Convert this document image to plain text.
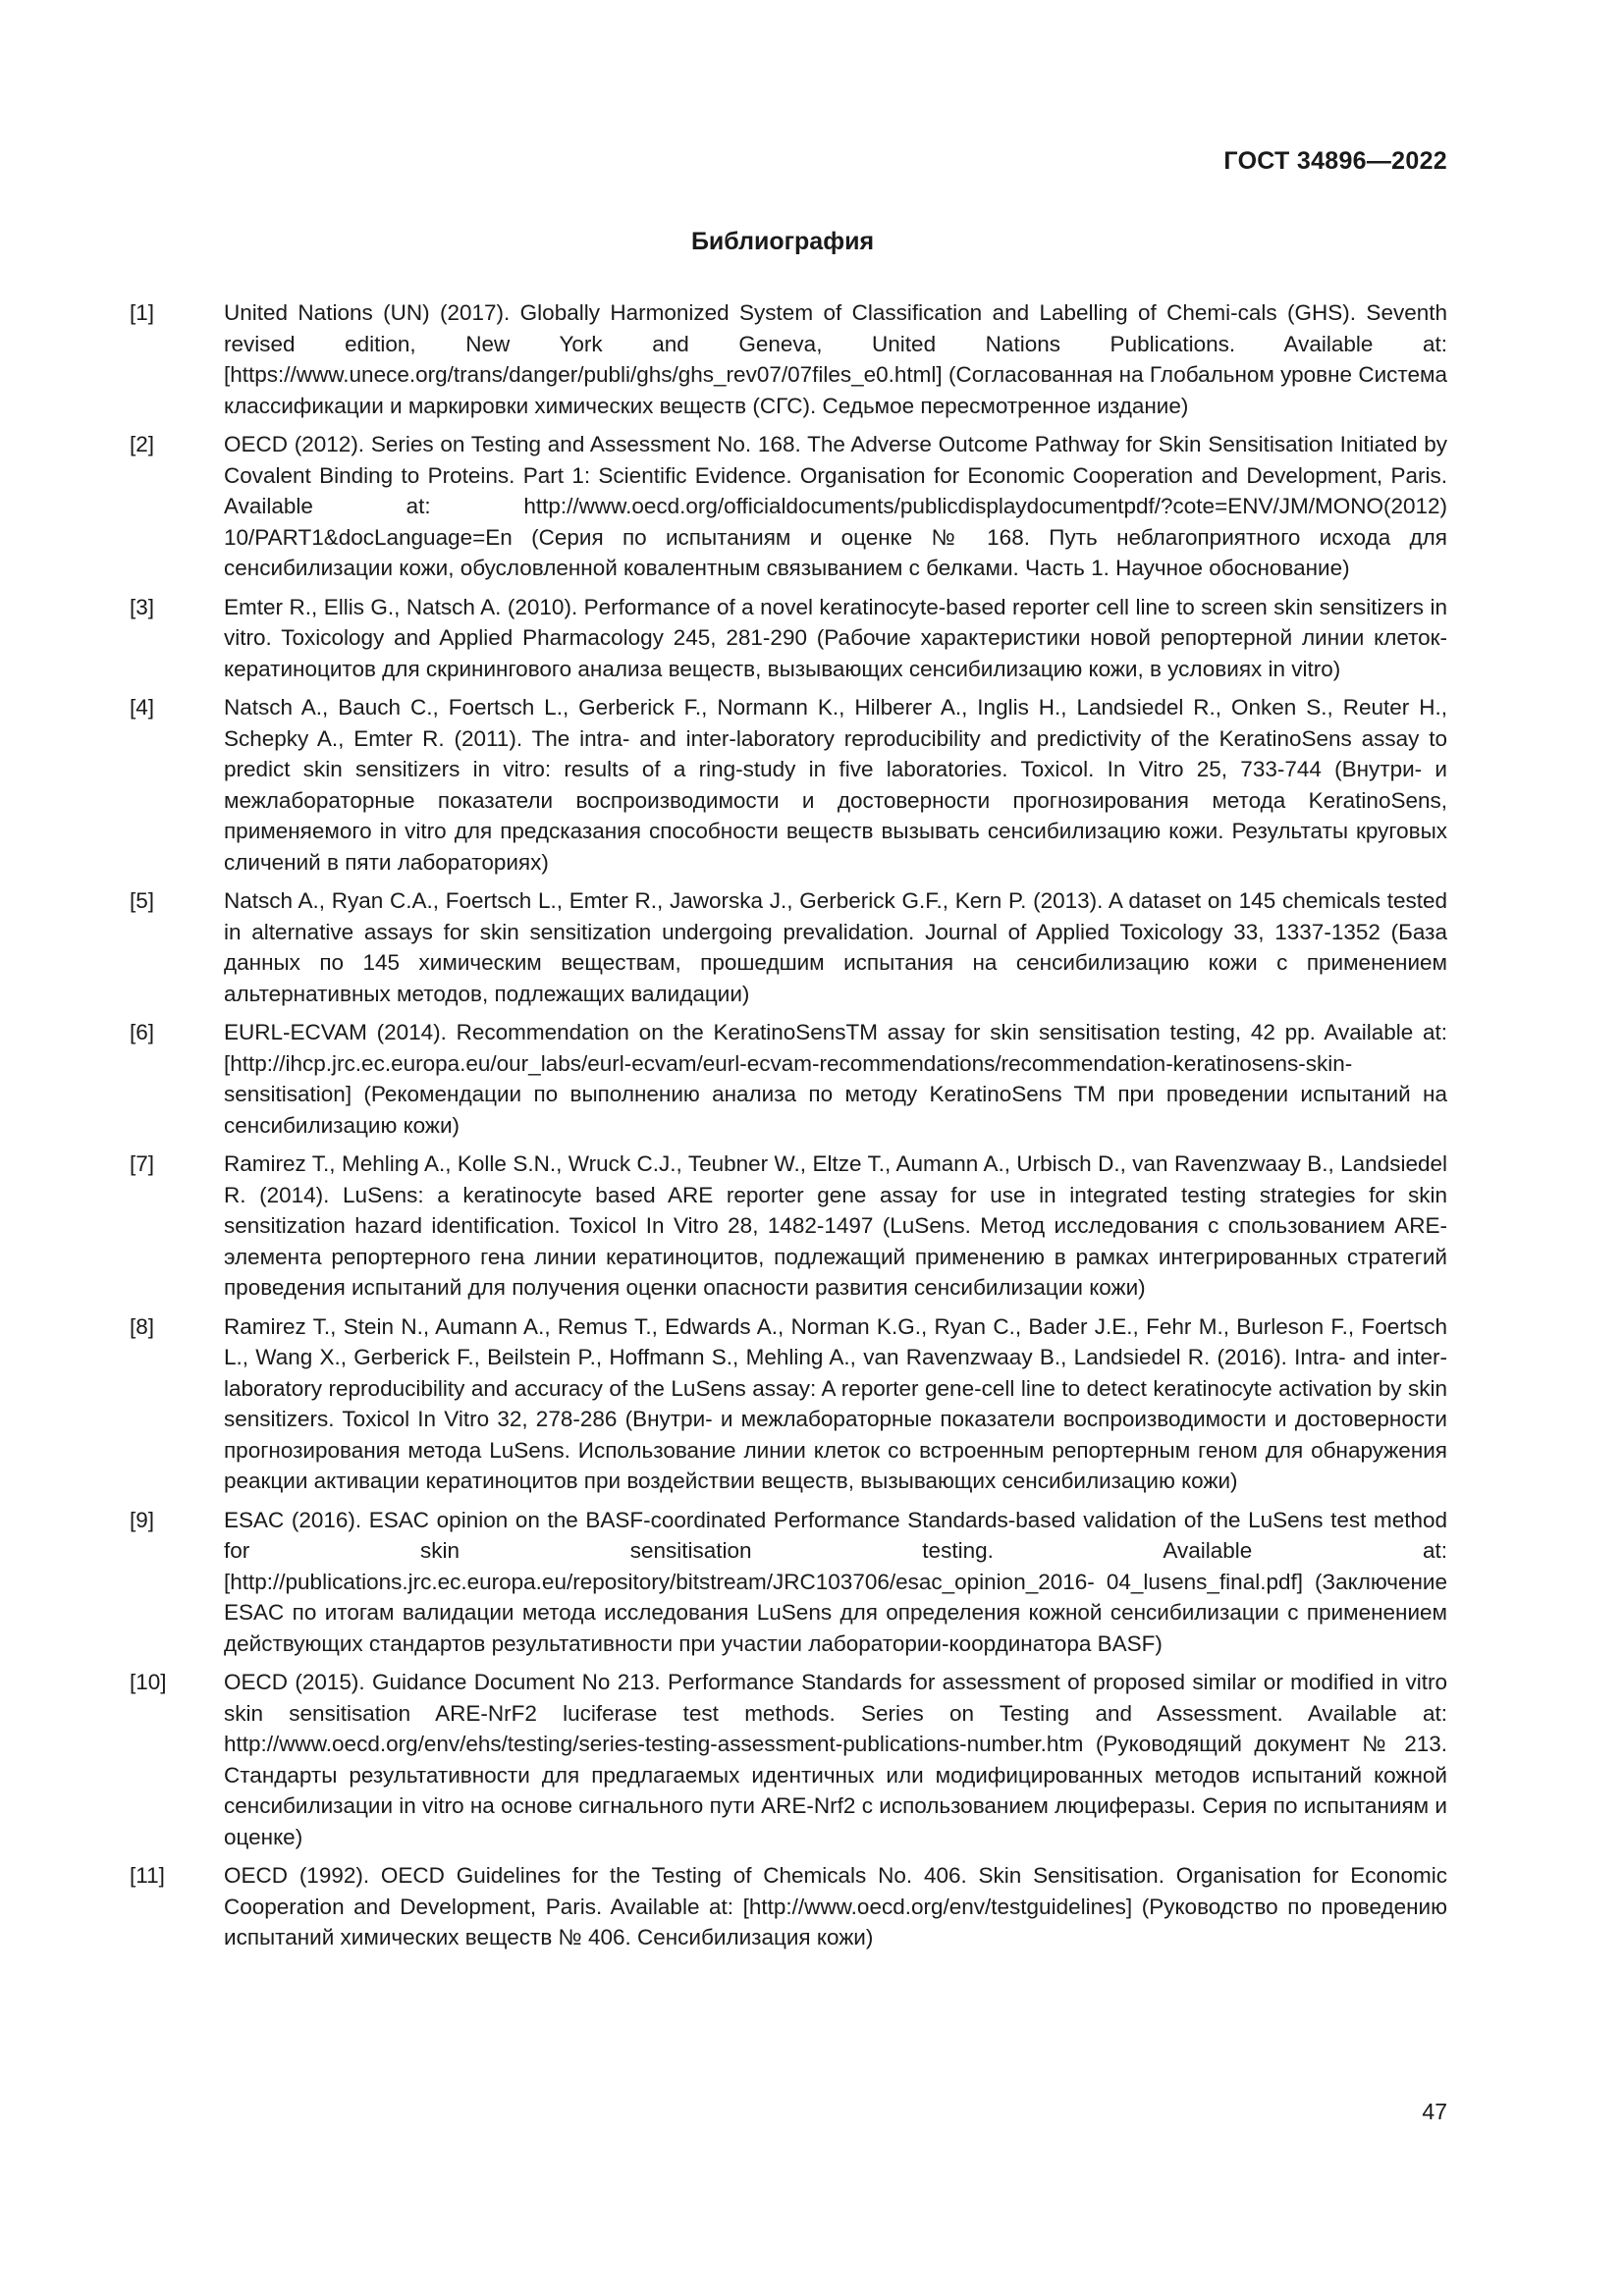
ГОСТ 34896—2022
Библиография
[1]	United Nations (UN) (2017). Globally Harmonized System of Classification and Labelling of Chemi-cals (GHS). Seventh revised edition, New York and Geneva, United Nations Publications. Available at: [https://www.unece.org/trans/danger/publi/ghs/ghs_rev07/07files_e0.html] (Согласованная на Глобальном уровне Система классификации и маркировки химических веществ (СГС). Седьмое пересмотренное издание)
[2]	OECD (2012). Series on Testing and Assessment No. 168. The Adverse Outcome Pathway for Skin Sensitisation Initiated by Covalent Binding to Proteins. Part 1: Scientific Evidence. Organisation for Economic Cooperation and Development, Paris. Available at: http://www.oecd.org/officialdocuments/publicdisplaydocumentpdf/?cote=ENV/JM/MONO(2012) 10/PART1&docLanguage=En (Серия по испытаниям и оценке № 168. Путь неблагоприятного исхода для сенсибилизации кожи, обусловленной ковалентным связыванием с белками. Часть 1. Научное обоснование)
[3]	Emter R., Ellis G., Natsch A. (2010). Performance of a novel keratinocyte-based reporter cell line to screen skin sensitizers in vitro. Toxicology and Applied Pharmacology 245, 281-290 (Рабочие характеристики новой репортерной линии клеток-кератиноцитов для скринингового анализа веществ, вызывающих сенсибилизацию кожи, в условиях in vitro)
[4]	Natsch A., Bauch C., Foertsch L., Gerberick F., Normann K., Hilberer A., Inglis H., Landsiedel R., Onken S., Reuter H., Schepky A., Emter R. (2011). The intra- and inter-laboratory reproducibility and predictivity of the KeratinoSens assay to predict skin sensitizers in vitro: results of a ring-study in five laboratories. Toxicol. In Vitro 25, 733-744 (Внутри- и межлабораторные показатели воспроизводимости и достоверности прогнозирования метода KeratinoSens, применяемого in vitro для предсказания способности веществ вызывать сенсибилизацию кожи. Результаты круговых сличений в пяти лабораториях)
[5]	Natsch A., Ryan C.A., Foertsch L., Emter R., Jaworska J., Gerberick G.F., Kern P. (2013). A dataset on 145 chemicals tested in alternative assays for skin sensitization undergoing prevalidation. Journal of Applied Toxicology 33, 1337-1352 (База данных по 145 химическим веществам, прошедшим испытания на сенсибилизацию кожи с применением альтернативных методов, подлежащих валидации)
[6]	EURL-ECVAM (2014). Recommendation on the KeratinoSensTM assay for skin sensitisation testing, 42 pp. Available at: [http://ihcp.jrc.ec.europa.eu/our_labs/eurl-ecvam/eurl-ecvam-recommendations/recommendation-keratinosens-skin-sensitisation] (Рекомендации по выполнению анализа по методу KeratinoSens TM при проведении испытаний на сенсибилизацию кожи)
[7]	Ramirez T., Mehling A., Kolle S.N., Wruck C.J., Teubner W., Eltze T., Aumann A., Urbisch D., van Ravenzwaay B., Landsiedel R. (2014). LuSens: a keratinocyte based ARE reporter gene assay for use in integrated testing strategies for skin sensitization hazard identification. Toxicol In Vitro 28, 1482-1497 (LuSens. Метод исследования с спользованием ARE-элемента репортерного гена линии кератиноцитов, подлежащий применению в рамках интегрированных стратегий проведения испытаний для получения оценки опасности развития сенсибилизации кожи)
[8]	Ramirez T., Stein N., Aumann A., Remus T., Edwards A., Norman K.G., Ryan C., Bader J.E., Fehr M., Burleson F., Foertsch L., Wang X., Gerberick F., Beilstein P., Hoffmann S., Mehling A., van Ravenzwaay B., Landsiedel R. (2016). Intra- and inter-laboratory reproducibility and accuracy of the LuSens assay: A reporter gene-cell line to detect keratinocyte activation by skin sensitizers. Toxicol In Vitro 32, 278-286 (Внутри- и межлабораторные показатели воспроизводимости и достоверности прогнозирования метода LuSens. Использование линии клеток со встроенным репортерным геном для обнаружения реакции активации кератиноцитов при воздействии веществ, вызывающих сенсибилизацию кожи)
[9]	ESAC (2016). ESAC opinion on the BASF-coordinated Performance Standards-based validation of the LuSens test method for skin sensitisation testing. Available at: [http://publications.jrc.ec.europa.eu/repository/bitstream/JRC103706/esac_opinion_2016- 04_lusens_final.pdf] (Заключение ESAC по итогам валидации метода исследования LuSens для определения кожной сенсибилизации с применением действующих стандартов результативности при участии лаборатории-координатора BASF)
[10]	OECD (2015). Guidance Document No 213. Performance Standards for assessment of proposed similar or modified in vitro skin sensitisation ARE-NrF2 luciferase test methods. Series on Testing and Assessment. Available at: http://www.oecd.org/env/ehs/testing/series-testing-assessment-publications-number.htm (Руководящий документ № 213. Стандарты результативности для предлагаемых идентичных или модифицированных методов испытаний кожной сенсибилизации in vitro на основе сигнального пути ARE-Nrf2 с использованием люциферазы. Серия по испытаниям и оценке)
[11]	OECD (1992). OECD Guidelines for the Testing of Chemicals No. 406. Skin Sensitisation. Organisation for Economic Cooperation and Development, Paris. Available at: [http://www.oecd.org/env/testguidelines] (Руководство по проведению испытаний химических веществ № 406. Сенсибилизация кожи)
47
